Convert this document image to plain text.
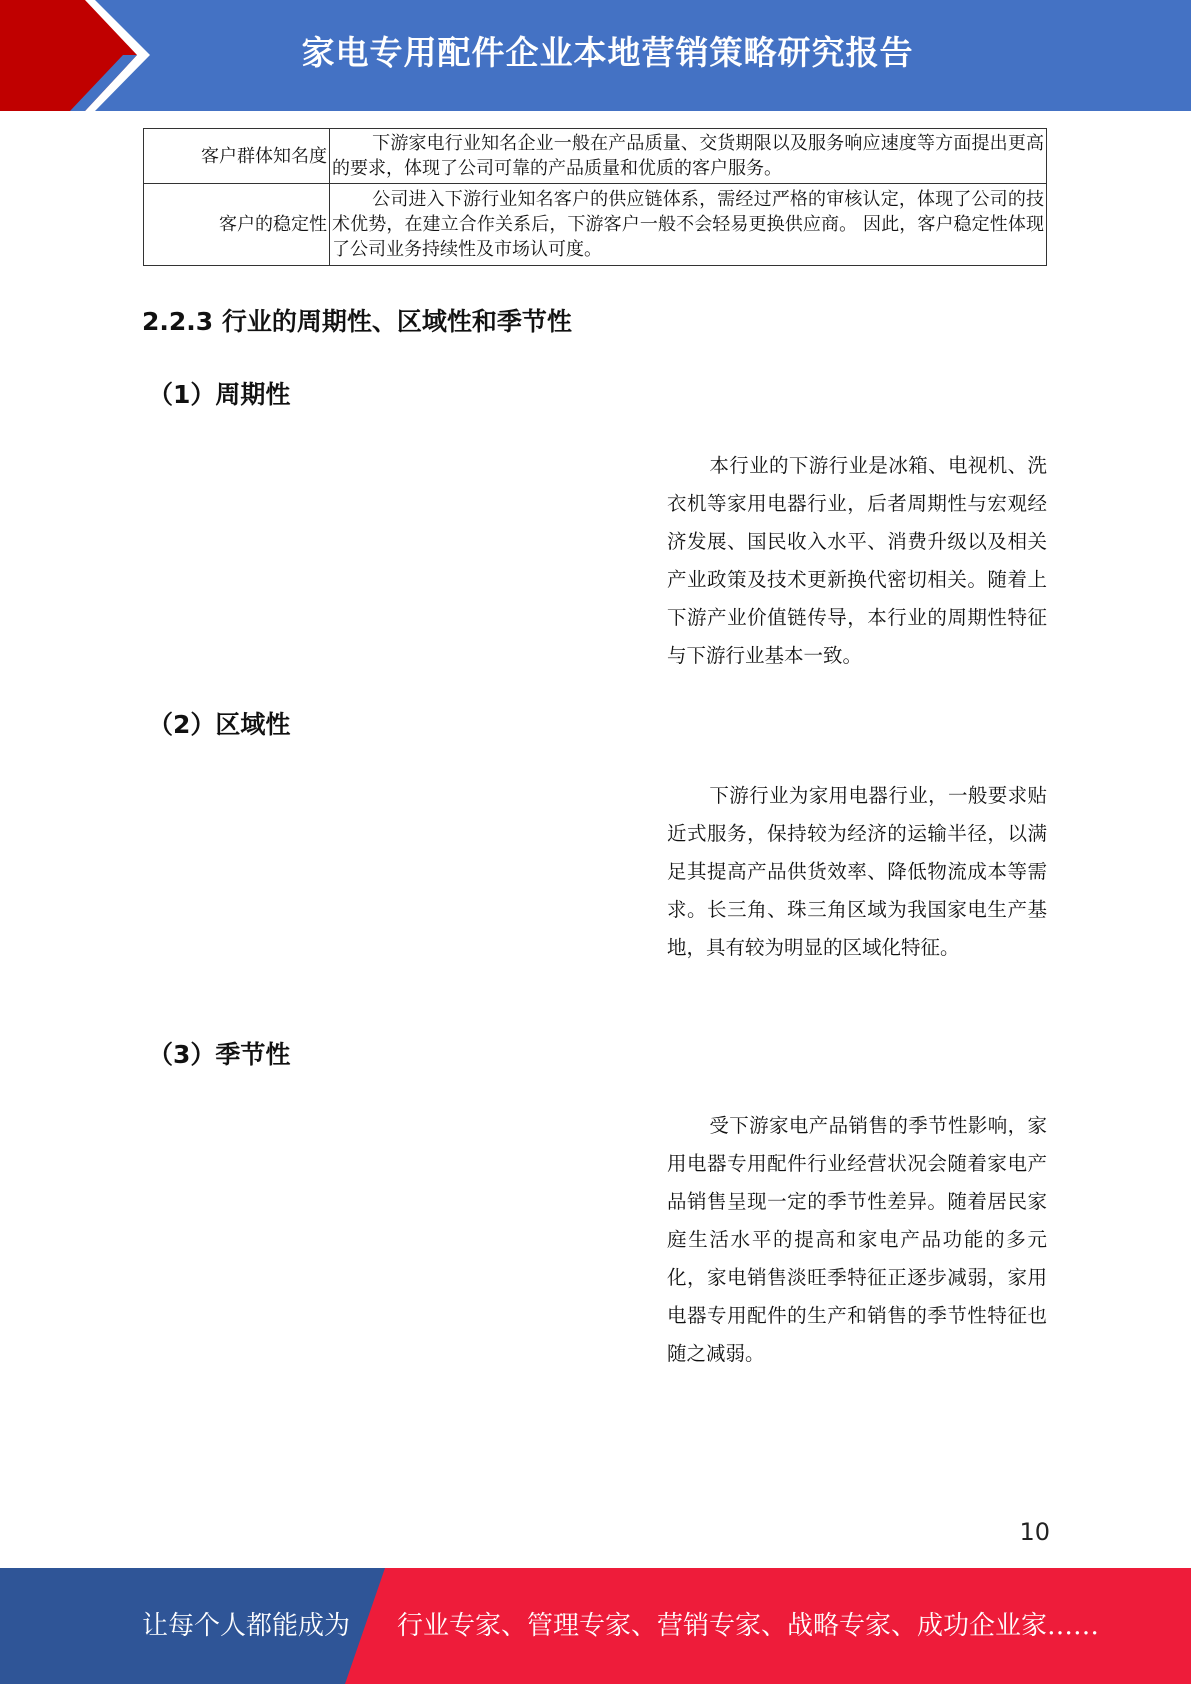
家电专用配件企业本地营销策略研究报告
客户群体知名度	下游家电行业知名企业一般在产品质量、交货期限以及服务响应速度等方面提出更高的要求，体现了公司可靠的产品质量和优质的客户服务。
客户的稳定性	公司进入下游行业知名客户的供应链体系，需经过严格的审核认定，体现了公司的技术优势，在建立合作关系后，下游客户一般不会轻易更换供应商。 因此，客户稳定性体现了公司业务持续性及市场认可度。
2.2.3 行业的周期性、区域性和季节性
（1）周期性
本行业的下游行业是冰箱、电视机、洗衣机等家用电器行业，后者周期性与宏观经济发展、国民收入水平、消费升级以及相关产业政策及技术更新换代密切相关。随着上下游产业价值链传导，本行业的周期性特征与下游行业基本一致。
（2）区域性
下游行业为家用电器行业，一般要求贴近式服务，保持较为经济的运输半径，以满足其提高产品供货效率、降低物流成本等需求。长三角、珠三角区域为我国家电生产基地，具有较为明显的区域化特征。
（3）季节性
受下游家电产品销售的季节性影响，家用电器专用配件行业经营状况会随着家电产品销售呈现一定的季节性差异。随着居民家庭生活水平的提高和家电产品功能的多元化，家电销售淡旺季特征正逐步减弱，家用电器专用配件的生产和销售的季节性特征也随之减弱。
10
让每个人都能成为 行业专家、管理专家、营销专家、战略专家、成功企业家……
